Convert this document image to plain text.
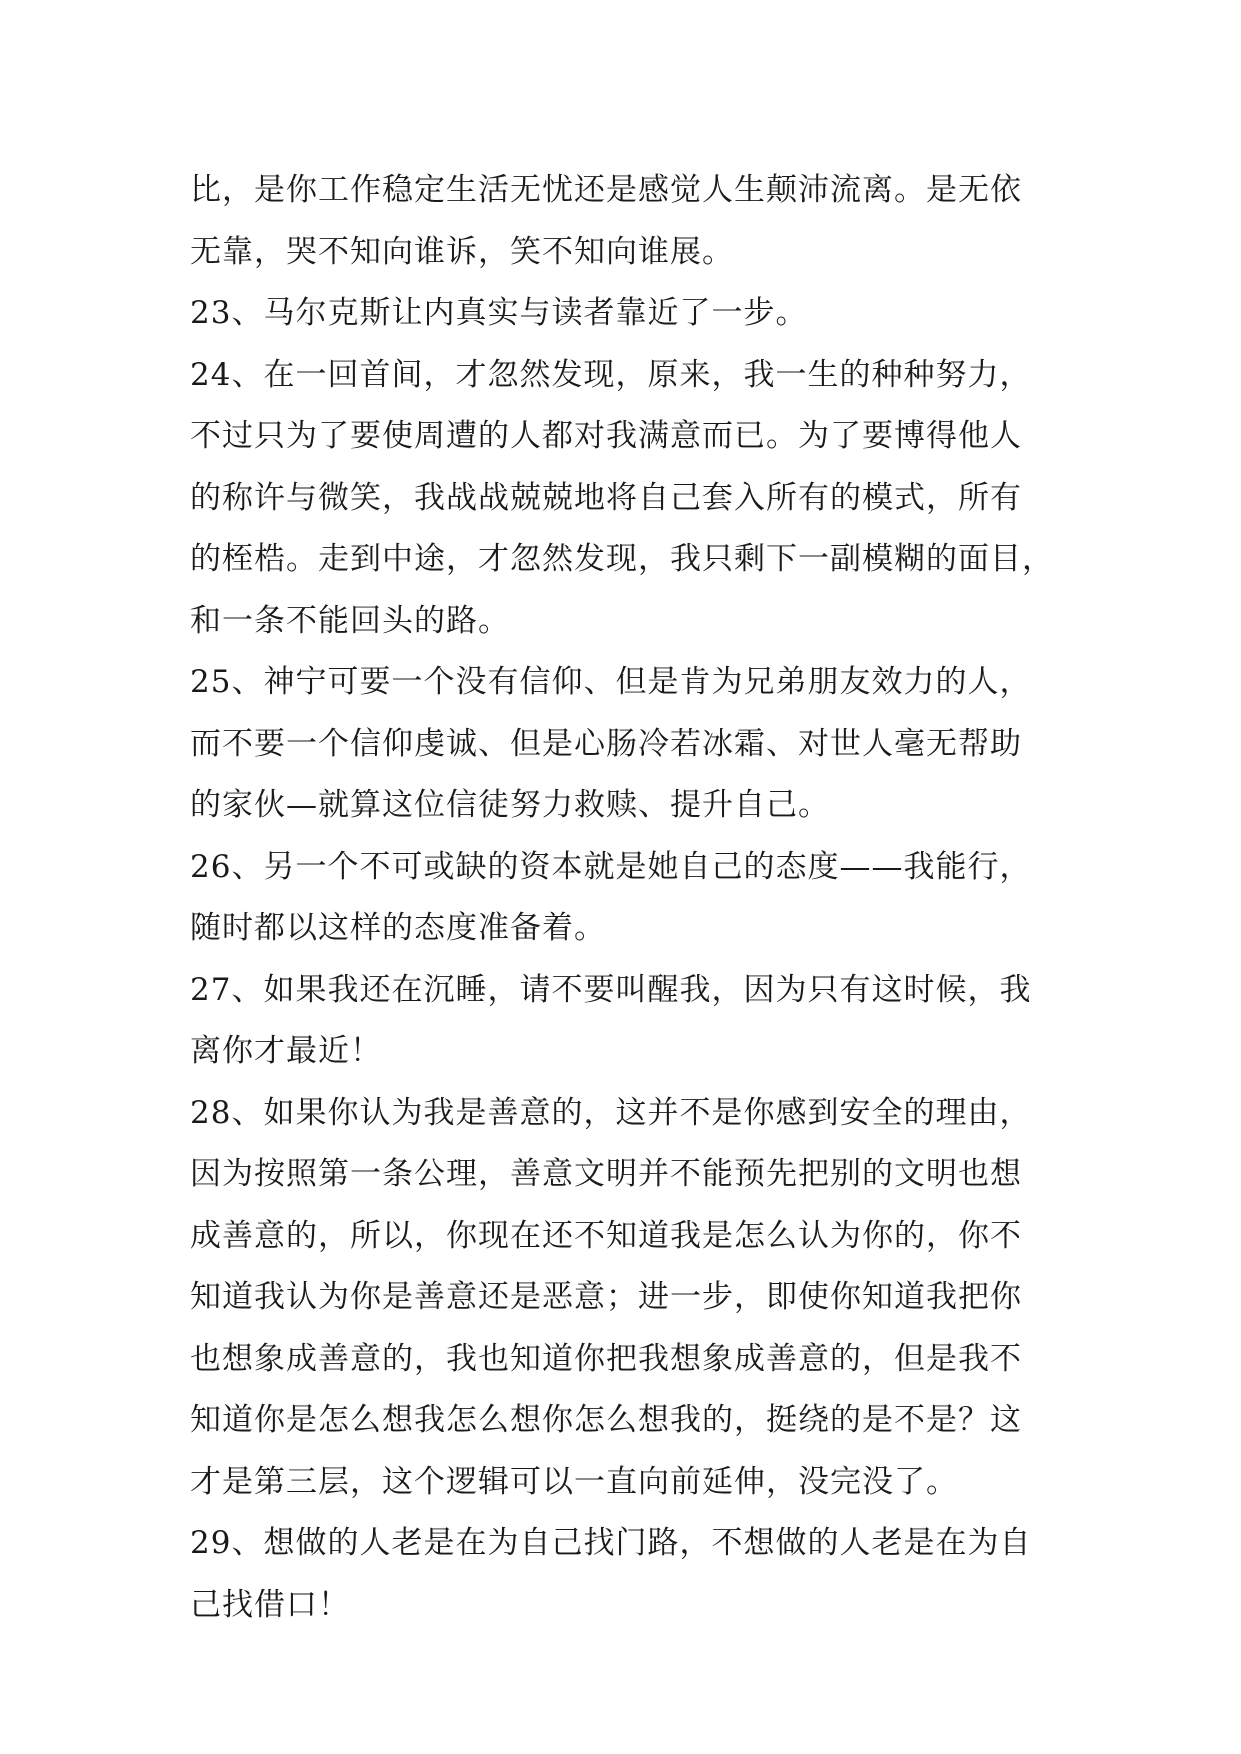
比，是你工作稳定生活无忧还是感觉人生颠沛流离。是无依
无靠，哭不知向谁诉，笑不知向谁展。

23、马尔克斯让内真实与读者靠近了一步。

24、在一回首间，才忽然发现，原来，我一生的种种努力，
不过只为了要使周遭的人都对我满意而已。为了要博得他人
的称许与微笑，我战战兢兢地将自己套入所有的模式，所有
的桎梏。走到中途，才忽然发现，我只剩下一副模糊的面目，
和一条不能回头的路。

25、神宁可要一个没有信仰、但是肯为兄弟朋友效力的人，
而不要一个信仰虔诚、但是心肠冷若冰霜、对世人毫无帮助
的家伙—就算这位信徒努力救赎、提升自己。

26、另一个不可或缺的资本就是她自己的态度——我能行，
随时都以这样的态度准备着。

27、如果我还在沉睡，请不要叫醒我，因为只有这时候，我
离你才最近！

28、如果你认为我是善意的，这并不是你感到安全的理由，
因为按照第一条公理，善意文明并不能预先把别的文明也想
成善意的，所以，你现在还不知道我是怎么认为你的，你不
知道我认为你是善意还是恶意；进一步，即使你知道我把你
也想象成善意的，我也知道你把我想象成善意的，但是我不
知道你是怎么想我怎么想你怎么想我的，挺绕的是不是？这
才是第三层，这个逻辑可以一直向前延伸，没完没了。

29、想做的人老是在为自己找门路，不想做的人老是在为自
己找借口！
